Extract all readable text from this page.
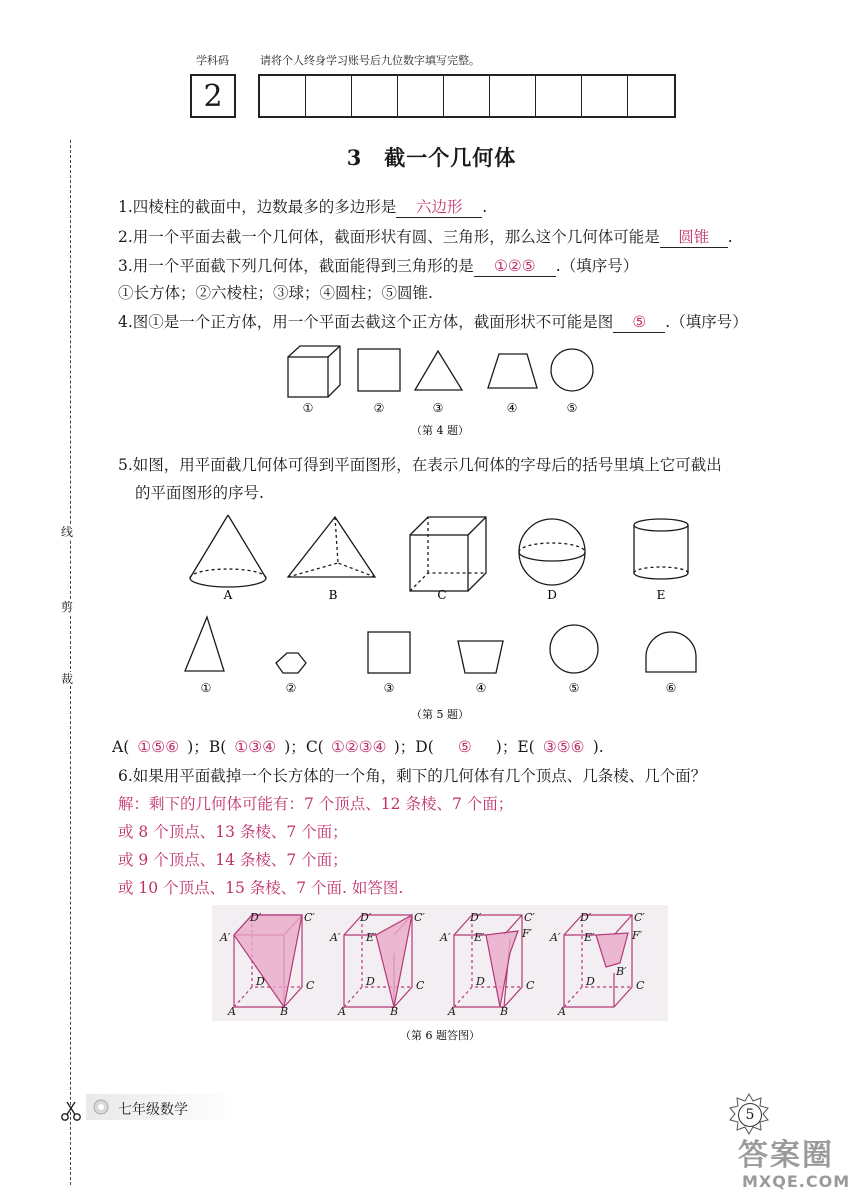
学科码	请将个人终身学习账号后九位数字填写完整。
2
3　截一个几何体
1.四棱柱的截面中，边数最多的多边形是 六边形 .
2.用一个平面去截一个几何体，截面形状有圆、三角形，那么这个几何体可能是 圆锥 .
3.用一个平面截下列几何体，截面能得到三角形的是 ①②⑤ .（填序号）
①长方体；②六棱柱；③球；④圆柱；⑤圆锥.
4.图①是一个正方体，用一个平面去截这个正方体，截面形状不可能是图 ⑤ .（填序号）
①	②	③	④	⑤
（第 4 题）
5.如图，用平面截几何体可得到平面图形，在表示几何体的字母后的括号里填上它可截出
的平面图形的序号.
A	B	C	D	E
①	②	③	④	⑤	⑥
（第 5 题）
A( ①⑤⑥ )；B( ①③④ )；C( ①②③④ )；D( ⑤ )；E( ③⑤⑥ ).
6.如果用平面截掉一个长方体的一个角，剩下的几何体有几个顶点、几条棱、几个面？
解：剩下的几何体可能有：7 个顶点、12 条棱、7 个面；
或 8 个顶点、13 条棱、7 个面；
或 9 个顶点、14 条棱、7 个面；
或 10 个顶点、15 条棱、7 个面. 如答图.
D′	C′
A′
D	C
A	B
D′	C′
A′ E′
D	C
A	B
D′	C′
A′ E′	F′
D	C
A	B
D′	C′
A′ E′	F′
B′
D	C
A
（第 6 题答图）
线
剪
裁
七年级数学	5
答案圈
MXQE.COM
